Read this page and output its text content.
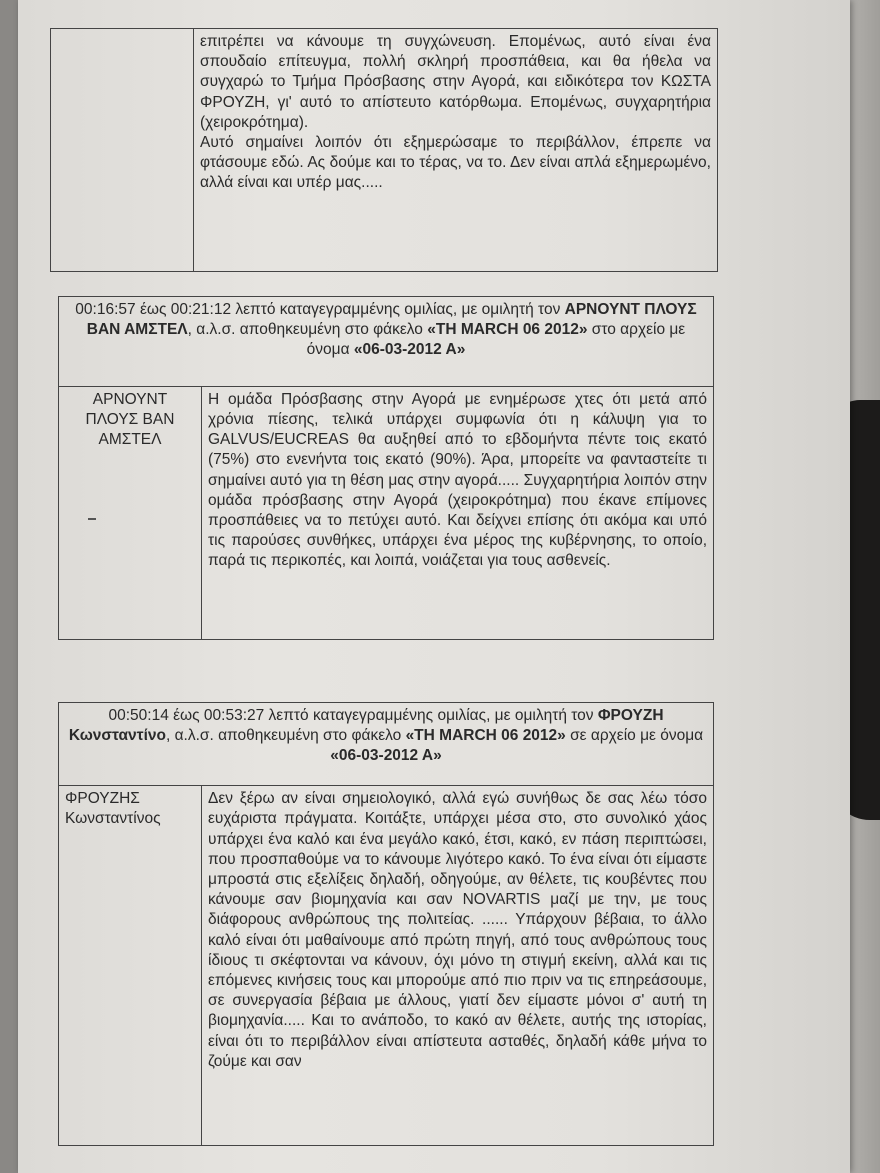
επιτρέπει να κάνουμε τη συγχώνευση. Επομένως, αυτό είναι ένα σπουδαίο επίτευγμα, πολλή σκληρή προσπάθεια, και θα ήθελα να συγχαρώ το Τμήμα Πρόσβασης στην Αγορά, και ειδικότερα τον ΚΩΣΤΑ ΦΡΟΥΖΗ, γι' αυτό το απίστευτο κατόρθωμα. Επομένως, συγχαρητήρια (χειροκρότημα).

Αυτό σημαίνει λοιπόν ότι εξημερώσαμε το περιβάλλον, έπρεπε να φτάσουμε εδώ. Ας δούμε και το τέρας, να το. Δεν είναι απλά εξημερωμένο, αλλά είναι και υπέρ μας.....

00:16:57 έως 00:21:12 λεπτό καταγεγραμμένης ομιλίας, με ομιλητή τον ΑΡΝΟΥΝΤ ΠΛΟΥΣ ΒΑΝ ΑΜΣΤΕΛ, α.λ.σ. αποθηκευμένη στο φάκελο «ΤΗ MARCH 06 2012» στο αρχείο με όνομα «06-03-2012 Α»
ΑΡΝΟΥΝΤ ΠΛΟΥΣ ΒΑΝ ΑΜΣΤΕΛ	Η ομάδα Πρόσβασης στην Αγορά με ενημέρωσε χτες ότι μετά από χρόνια πίεσης, τελικά υπάρχει συμφωνία ότι η κάλυψη για το GALVUS/EUCREAS θα αυξηθεί από το εβδομήντα πέντε τοις εκατό (75%) στο ενενήντα τοις εκατό (90%). Άρα, μπορείτε να φανταστείτε τι σημαίνει αυτό για τη θέση μας στην αγορά..... Συγχαρητήρια λοιπόν στην ομάδα πρόσβασης στην Αγορά (χειροκρότημα) που έκανε επίμονες προσπάθειες να το πετύχει αυτό. Και δείχνει επίσης ότι ακόμα και υπό τις παρούσες συνθήκες, υπάρχει ένα μέρος της κυβέρνησης, το οποίο, παρά τις περικοπές, και λοιπά, νοιάζεται για τους ασθενείς.
00:50:14 έως 00:53:27 λεπτό καταγεγραμμένης ομιλίας, με ομιλητή τον ΦΡΟΥΖΗ Κωνσταντίνο, α.λ.σ. αποθηκευμένη στο φάκελο «ΤΗ MARCH 06 2012» σε αρχείο με όνομα «06-03-2012 Α»
ΦΡΟΥΖΗΣ Κωνσταντίνος	Δεν ξέρω αν είναι σημειολογικό, αλλά εγώ συνήθως δε σας λέω τόσο ευχάριστα πράγματα. Κοιτάξτε, υπάρχει μέσα στο, στο συνολικό χάος υπάρχει ένα καλό και ένα μεγάλο κακό, έτσι, κακό, εν πάση περιπτώσει, που προσπαθούμε να το κάνουμε λιγότερο κακό. Το ένα είναι ότι είμαστε μπροστά στις εξελίξεις δηλαδή, οδηγούμε, αν θέλετε, τις κουβέντες που κάνουμε σαν βιομηχανία και σαν NOVARTIS μαζί με την, με τους διάφορους ανθρώπους της πολιτείας. ...... Υπάρχουν βέβαια, το άλλο καλό είναι ότι μαθαίνουμε από πρώτη πηγή, από τους ανθρώπους τους ίδιους τι σκέφτονται να κάνουν, όχι μόνο τη στιγμή εκείνη, αλλά και τις επόμενες κινήσεις τους και μπορούμε από πιο πριν να τις επηρεάσουμε, σε συνεργασία βέβαια με άλλους, γιατί δεν είμαστε μόνοι σ' αυτή τη βιομηχανία..... Και το ανάποδο, το κακό αν θέλετε, αυτής της ιστορίας, είναι ότι το περιβάλλον είναι απίστευτα ασταθές, δηλαδή κάθε μήνα το ζούμε και σαν
